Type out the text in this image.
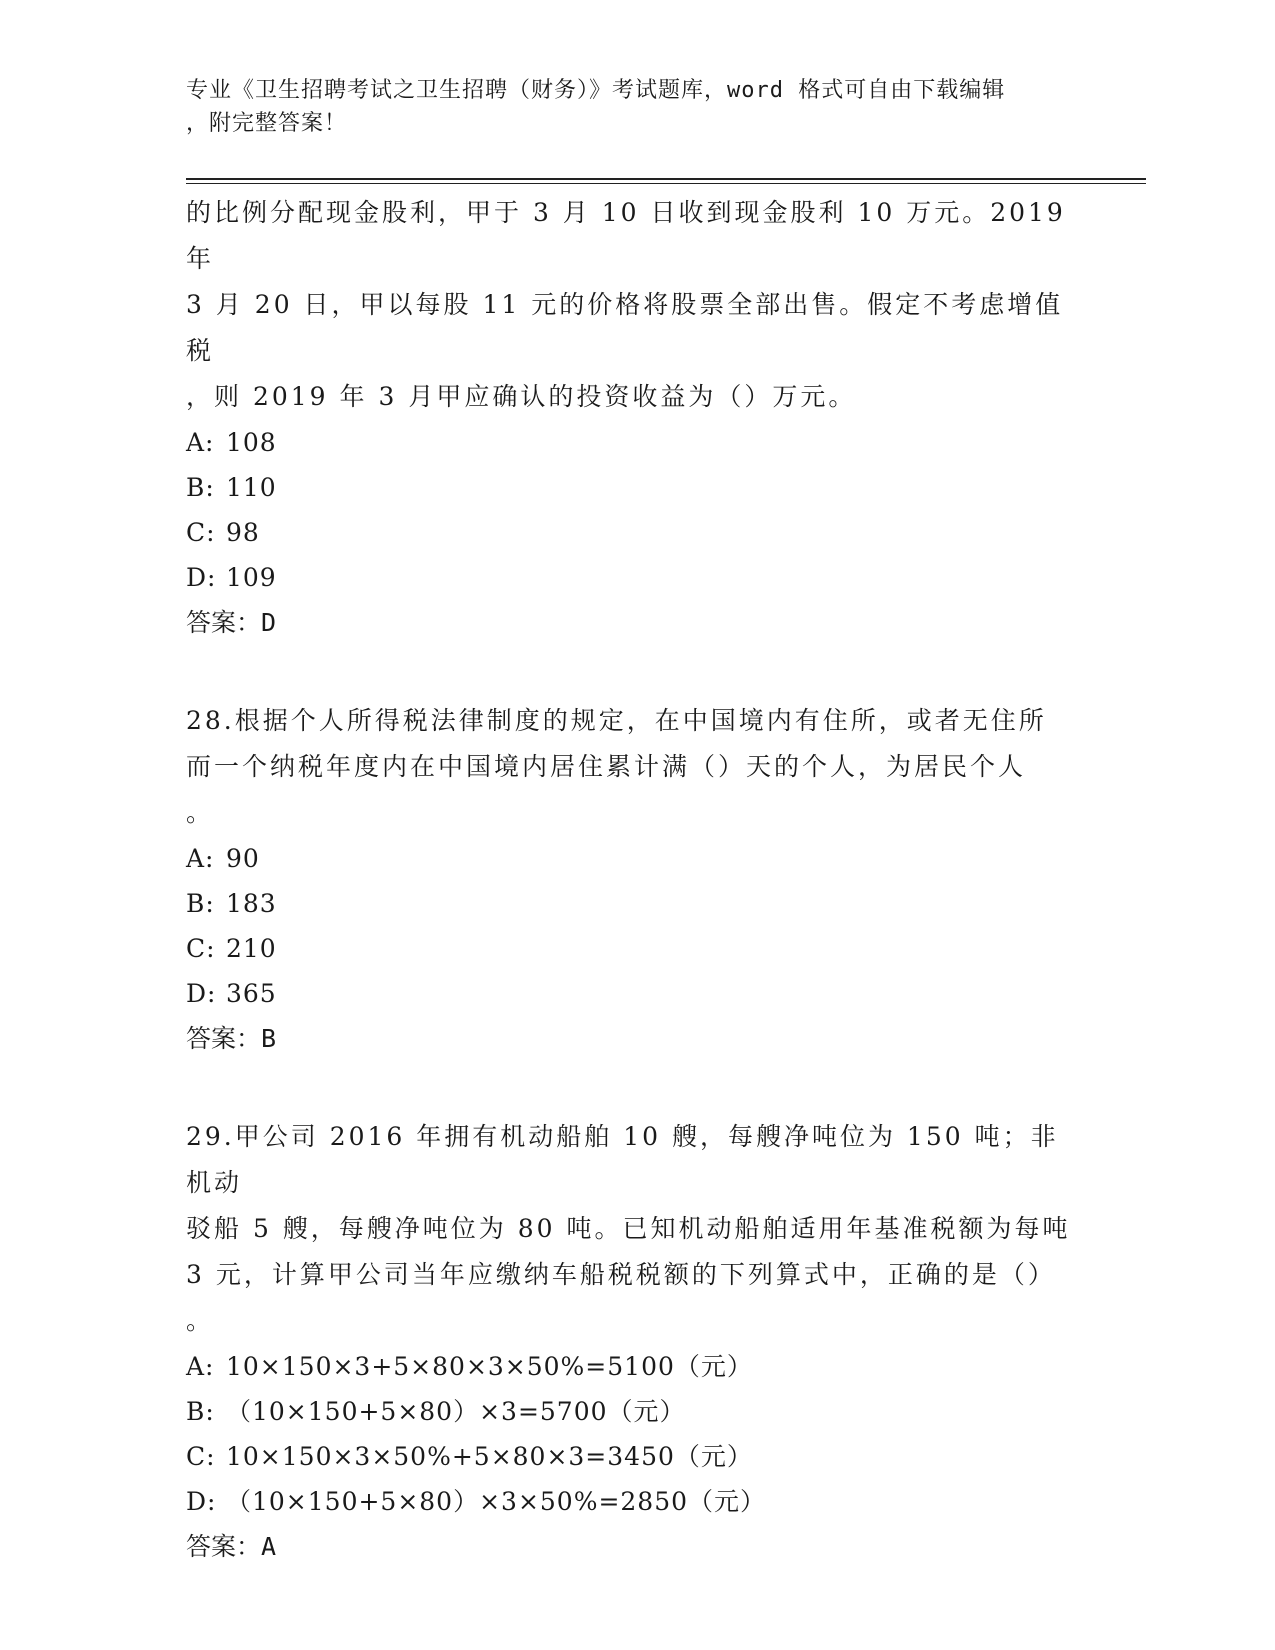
专业《卫生招聘考试之卫生招聘（财务）》考试题库，word 格式可自由下载编辑
，附完整答案！

的比例分配现金股利，甲于 3 月 10 日收到现金股利 10 万元。2019 年

3 月 20 日，甲以每股 11 元的价格将股票全部出售。假定不考虑增值税

，则 2019 年 3 月甲应确认的投资收益为（）万元。

A: 108

B: 110

C: 98

D: 109

答案：D

28.根据个人所得税法律制度的规定，在中国境内有住所，或者无住所

而一个纳税年度内在中国境内居住累计满（）天的个人，为居民个人

。

A: 90

B: 183

C: 210

D: 365

答案：B

29.甲公司 2016 年拥有机动船舶 10 艘，每艘净吨位为 150 吨；非机动

驳船 5 艘，每艘净吨位为 80 吨。已知机动船舶适用年基准税额为每吨

3 元，计算甲公司当年应缴纳车船税税额的下列算式中，正确的是（）

。

A: 10×150×3+5×80×3×50%=5100（元）

B: （10×150+5×80）×3=5700（元）

C: 10×150×3×50%+5×80×3=3450（元）

D: （10×150+5×80）×3×50%=2850（元）

答案：A
